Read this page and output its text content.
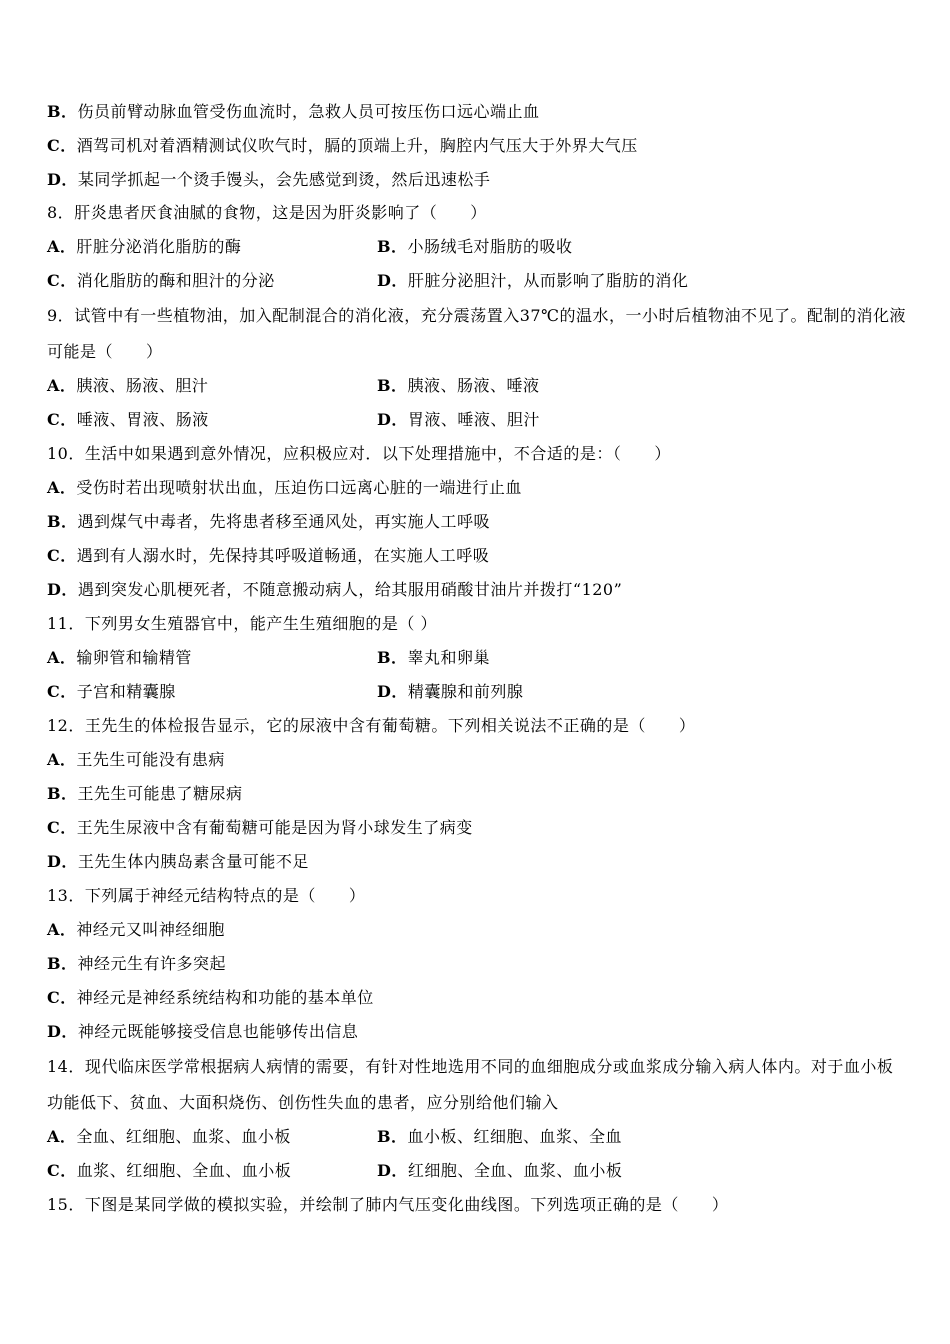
B．伤员前臂动脉血管受伤血流时，急救人员可按压伤口远心端止血
C．酒驾司机对着酒精测试仪吹气时，膈的顶端上升，胸腔内气压大于外界大气压
D．某同学抓起一个烫手馒头，会先感觉到烫，然后迅速松手
8．肝炎患者厌食油腻的食物，这是因为肝炎影响了（　　）
A．肝脏分泌消化脂肪的酶	B．小肠绒毛对脂肪的吸收
C．消化脂肪的酶和胆汁的分泌	D．肝脏分泌胆汁，从而影响了脂肪的消化
9．试管中有一些植物油，加入配制混合的消化液，充分震荡置入37℃的温水，一小时后植物油不见了。配制的消化液
可能是（　　）
A．胰液、肠液、胆汁	B．胰液、肠液、唾液
C．唾液、胃液、肠液	D．胃液、唾液、胆汁
10．生活中如果遇到意外情况，应积极应对．以下处理措施中，不合适的是：（　　）
A．受伤时若出现喷射状出血，压迫伤口远离心脏的一端进行止血
B．遇到煤气中毒者，先将患者移至通风处，再实施人工呼吸
C．遇到有人溺水时，先保持其呼吸道畅通，在实施人工呼吸
D．遇到突发心肌梗死者，不随意搬动病人，给其服用硝酸甘油片并拨打“120”
11．下列男女生殖器官中，能产生生殖细胞的是（ ）
A．输卵管和输精管	B．睾丸和卵巢
C．子宫和精囊腺	D．精囊腺和前列腺
12．王先生的体检报告显示，它的尿液中含有葡萄糖。下列相关说法不正确的是（　　）
A．王先生可能没有患病
B．王先生可能患了糖尿病
C．王先生尿液中含有葡萄糖可能是因为肾小球发生了病变
D．王先生体内胰岛素含量可能不足
13．下列属于神经元结构特点的是（　　）
A．神经元又叫神经细胞
B．神经元生有许多突起
C．神经元是神经系统结构和功能的基本单位
D．神经元既能够接受信息也能够传出信息
14．现代临床医学常根据病人病情的需要，有针对性地选用不同的血细胞成分或血浆成分输入病人体内。对于血小板
功能低下、贫血、大面积烧伤、创伤性失血的患者，应分别给他们输入
A．全血、红细胞、血浆、血小板	B．血小板、红细胞、血浆、全血
C．血浆、红细胞、全血、血小板	D．红细胞、全血、血浆、血小板
15．下图是某同学做的模拟实验，并绘制了肺内气压变化曲线图。下列选项正确的是（　　）
